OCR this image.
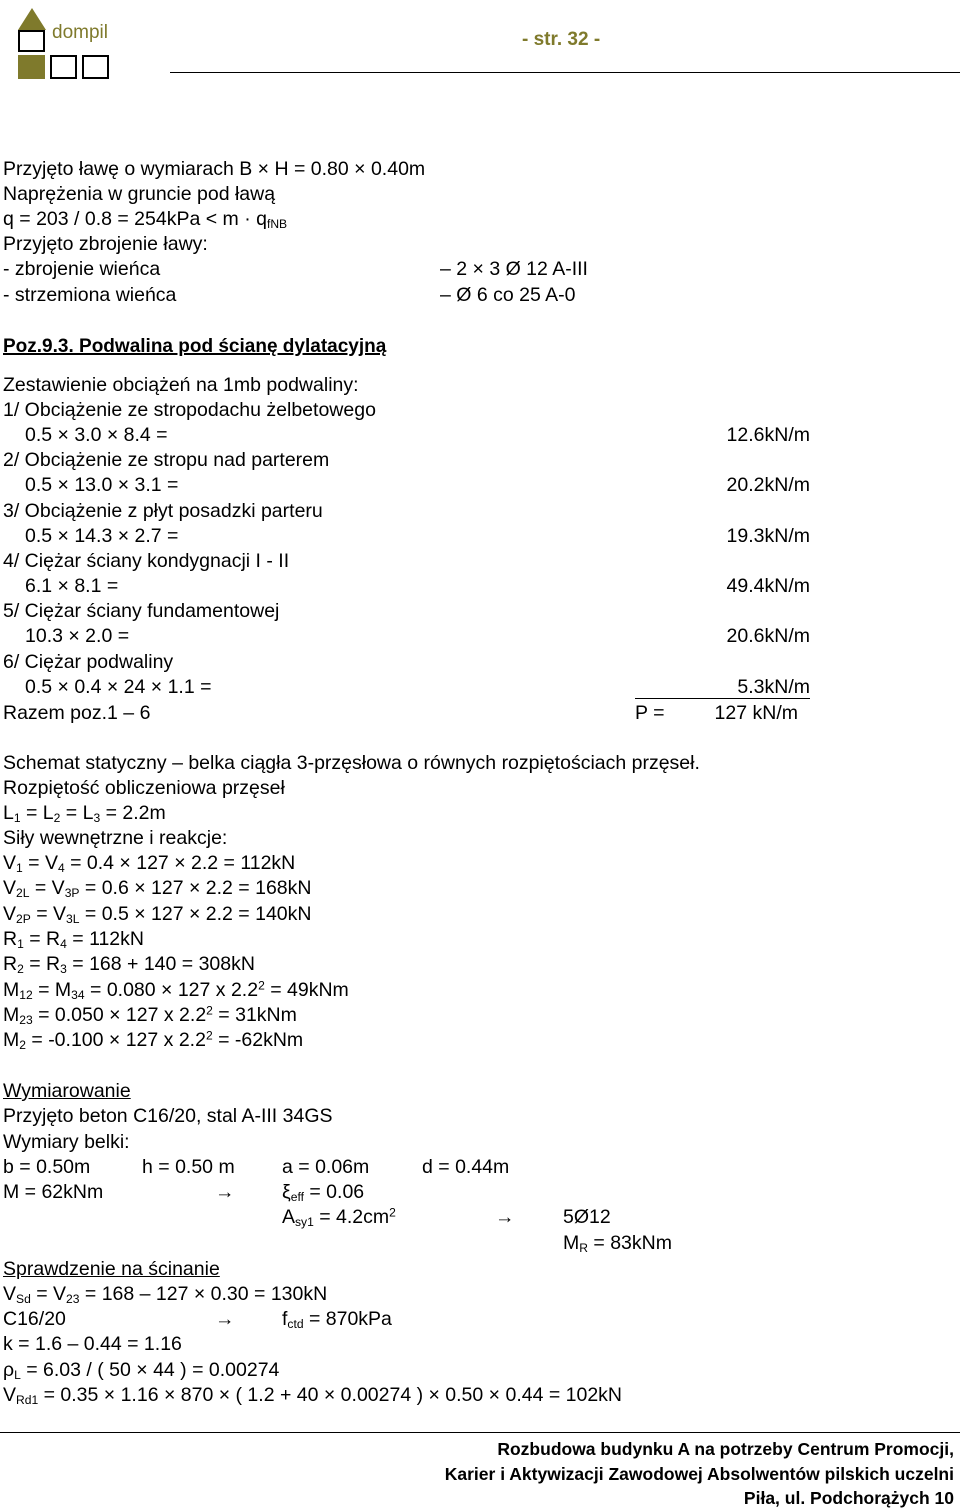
dompil	- str. 32 -
Przyjęto ławę o wymiarach B × H = 0.80 × 0.40m
Naprężenia w gruncie pod ławą
$q = 203 / 0.8 = 254kPa < m \cdot q_{fNB}$
Przyjęto zbrojenie ławy:
- zbrojenie wieńca	– 2 × 3 Ø 12 A-III
- strzemiona wieńca	– Ø 6 co 25 A-0
Poz.9.3. Podwalina pod ścianę dylatacyjną
Zestawienie obciążeń na 1mb podwaliny:
1/ Obciążenie ze stropodachu żelbetowego
0.5 × 3.0 × 8.4 =	12.6kN/m
2/ Obciążenie ze stropu nad parterem
0.5 × 13.0 × 3.1 =	20.2kN/m
3/ Obciążenie z płyt posadzki parteru
0.5 × 14.3 × 2.7 =	19.3kN/m
4/ Ciężar ściany kondygnacji I - II
6.1 × 8.1 =	49.4kN/m
5/ Ciężar ściany fundamentowej
10.3 × 2.0 =	20.6kN/m
6/ Ciężar podwaliny
0.5 × 0.4 × 24 × 1.1 =	5.3kN/m
Razem poz.1 – 6	P =	127 kN/m
Schemat statyczny – belka ciągła 3-przęsłowa o równych rozpiętościach przęseł.
Rozpiętość obliczeniowa przęseł
$L_1 = L_2 = L_3 = 2.2m$
Siły wewnętrzne i reakcje:
$V_1 = V_4 = 0.4 \times 127 \times 2.2 = 112kN$
$V_{2L} = V_{3P} = 0.6 \times 127 \times 2.2 = 168kN$
$V_{2P} = V_{3L} = 0.5 \times 127 \times 2.2 = 140kN$
$R_1 = R_4 = 112kN$
$R_2 = R_3 = 168 + 140 = 308kN$
$M_{12} = M_{34} = 0.080 \times 127$ x $2.2^2 = 49kNm$
$M_{23} = 0.050 \times 127$ x $2.2^2 = 31kNm$
$M_2 = -0.100 \times 127$ x $2.2^2 = -62kNm$
Wymiarowanie
Przyjęto beton C16/20, stal A-III 34GS
Wymiary belki:
b = 0.50m	h = 0.50 m a = 0.06m	d = 0.44m
M = 62kNm	→ $\xi_{eff} = 0.06$
$A_{sy1} = 4.2cm^2$	→ 5Ø12
$M_R = 83kNm$
Sprawdzenie na ścinanie
$V_{Sd} = V_{23} = 168 - 127 \times 0.30 = 130kN$
C16/20	→ $f_{ctd} = 870kPa$
k = 1.6 – 0.44 = 1.16
$\rho_L = 6.03$ / ( 50 × 44 ) = 0.00274
$V_{Rd1} = 0.35 \times 1.16 \times 870$ × ( 1.2 + 40 × 0.00274 ) × 0.50 × 0.44 = 102kN
Rozbudowa budynku A na potrzeby Centrum Promocji,
Karier i Aktywizacji Zawodowej Absolwentów pilskich uczelni
Piła, ul. Podchorążych 10
